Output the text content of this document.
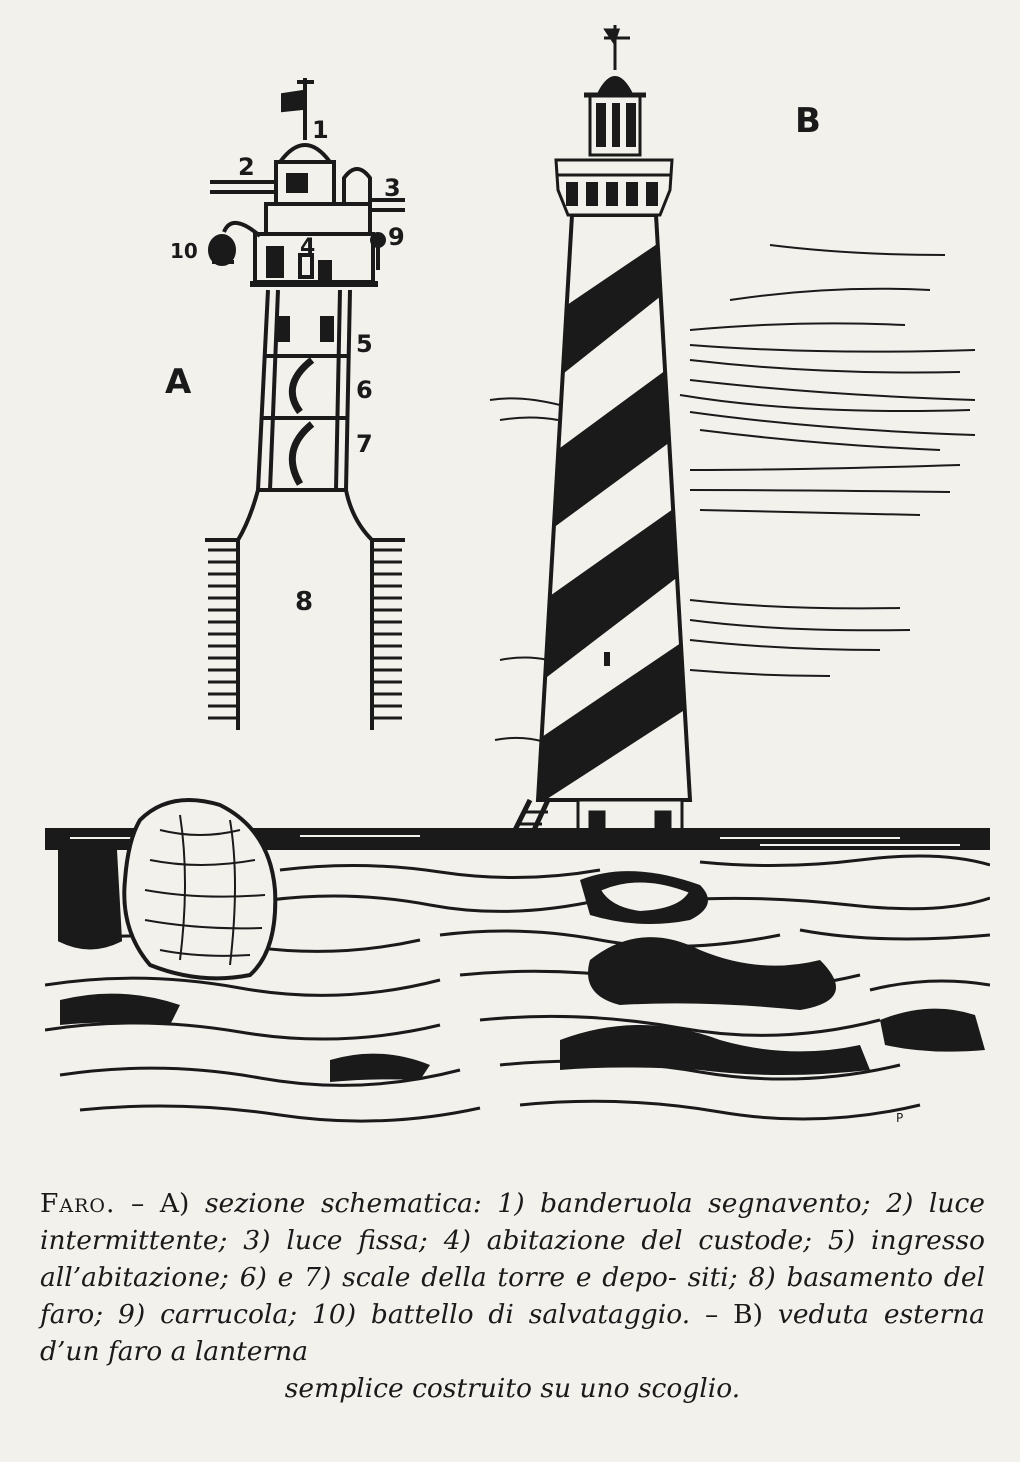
A
1
2
3
4
5
6
7
8
9
10
B
P
Faro. – A) sezione schematica: 1) banderuola segnavento; 2) luce intermittente; 3) luce fissa; 4) abitazione del custode; 5) ingresso all’abitazione; 6) e 7) scale della torre e depo- siti; 8) basamento del faro; 9) carrucola; 10) battello di salvataggio. – B) veduta esterna d’un faro a lanterna
semplice costruito su uno scoglio.
